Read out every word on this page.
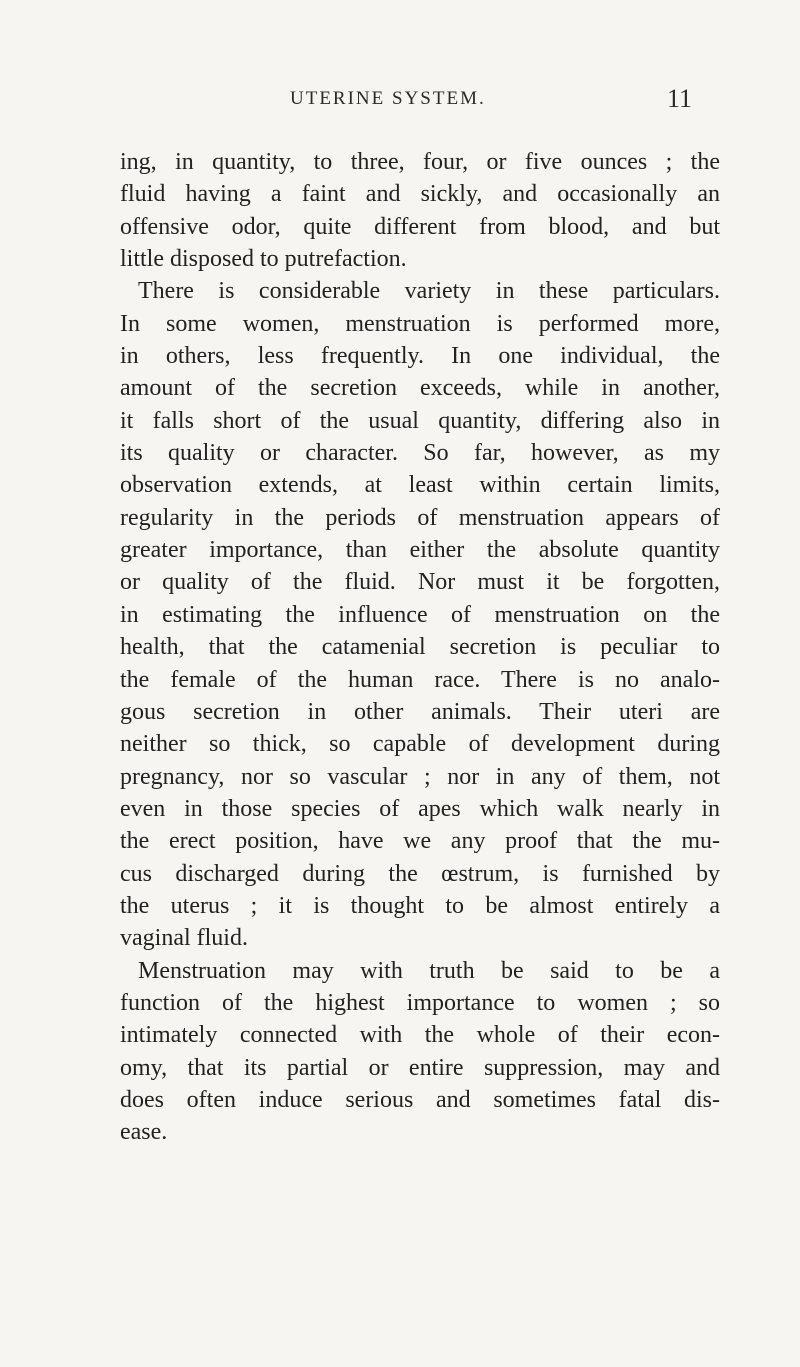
UTERINE SYSTEM.	11
ing, in quantity, to three, four, or five ounces ; the
fluid having a faint and sickly, and occasionally an
offensive odor, quite different from blood, and but
little disposed to putrefaction.
There is considerable variety in these particulars.
In some women, menstruation is performed more,
in others, less frequently. In one individual, the
amount of the secretion exceeds, while in another,
it falls short of the usual quantity, differing also in
its quality or character. So far, however, as my
observation extends, at least within certain limits,
regularity in the periods of menstruation appears of
greater importance, than either the absolute quantity
or quality of the fluid. Nor must it be forgotten,
in estimating the influence of menstruation on the
health, that the catamenial secretion is peculiar to
the female of the human race. There is no analo-
gous secretion in other animals. Their uteri are
neither so thick, so capable of development during
pregnancy, nor so vascular ; nor in any of them, not
even in those species of apes which walk nearly in
the erect position, have we any proof that the mu-
cus discharged during the œstrum, is furnished by
the uterus ; it is thought to be almost entirely a
vaginal fluid.
Menstruation may with truth be said to be a
function of the highest importance to women ; so
intimately connected with the whole of their econ-
omy, that its partial or entire suppression, may and
does often induce serious and sometimes fatal dis-
ease.
